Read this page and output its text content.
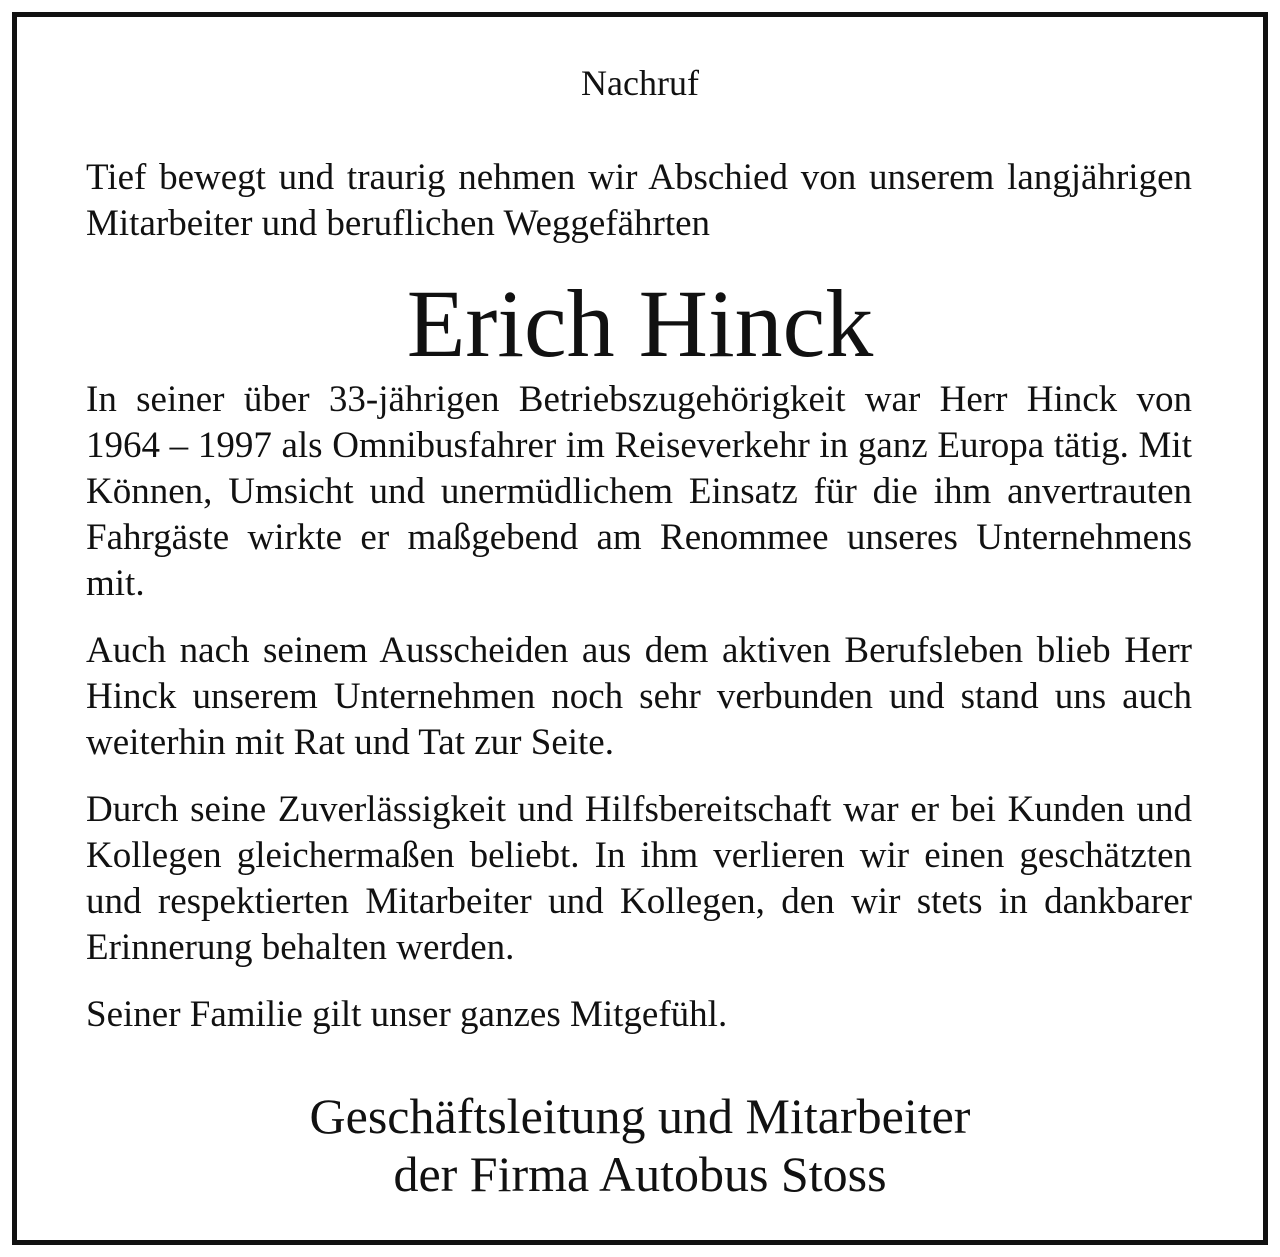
Nachruf
Tief bewegt und traurig nehmen wir Abschied von unserem langjährigen Mitarbeiter und beruflichen Weggefährten
Erich Hinck

In seiner über 33-jährigen Betriebszugehörigkeit war Herr Hinck von 1964 – 1997 als Omnibusfahrer im Reiseverkehr in ganz Europa tätig. Mit Können, Umsicht und unermüdlichem Einsatz für die ihm anvertrauten Fahrgäste wirkte er maßgebend am Renommee unseres Unternehmens mit.

Auch nach seinem Ausscheiden aus dem aktiven Berufsleben blieb Herr Hinck unserem Unternehmen noch sehr verbunden und stand uns auch weiterhin mit Rat und Tat zur Seite.

Durch seine Zuverlässigkeit und Hilfsbereitschaft war er bei Kunden und Kollegen gleichermaßen beliebt. In ihm verlieren wir einen geschätzten und respektierten Mitarbeiter und Kollegen, den wir stets in dankbarer Erinnerung behalten werden.

Seiner Familie gilt unser ganzes Mitgefühl.

Geschäftsleitung und Mitarbeiter
der Firma Autobus Stoss
